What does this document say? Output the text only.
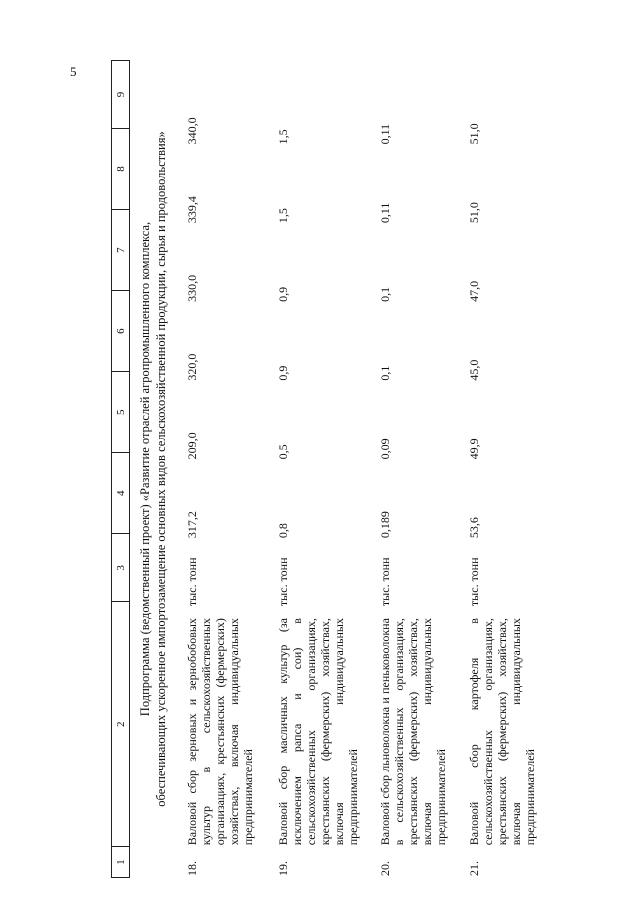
5
1
2
3
4
5
6
7
8
9
Подпрограмма (ведомственный проект) «Развитие отраслей агропромышленного комплекса, обеспечивающих ускоренное импортозамещение основных видов сельскохозяйственной продукции, сырья и продовольствия»
18.
Валовой сбор зерновых и зернобобовых культур в сельскохозяйственных организациях, крестьянских (фермерских) хозяйствах, включая индивидуальных предпринимателей
тыс. тонн
317,2
209,0
320,0
330,0
339,4
340,0
19.
Валовой сбор масличных культур (за исключением рапса и сои) в сельскохозяйственных организациях, крестьянских (фермерских) хозяйствах, включая индивидуальных предпринимателей
тыс. тонн
0,8
0,5
0,9
0,9
1,5
1,5
20.
Валовой сбор льноволокна и пеньковолокна в сельскохозяйственных организациях, крестьянских (фермерских) хозяйствах, включая индивидуальных предпринимателей
тыс. тонн
0,189
0,09
0,1
0,1
0,11
0,11
21.
Валовой сбор картофеля в сельскохозяйственных организациях, крестьянских (фермерских) хозяйствах, включая индивидуальных предпринимателей
тыс. тонн
53,6
49,9
45,0
47,0
51,0
51,0
